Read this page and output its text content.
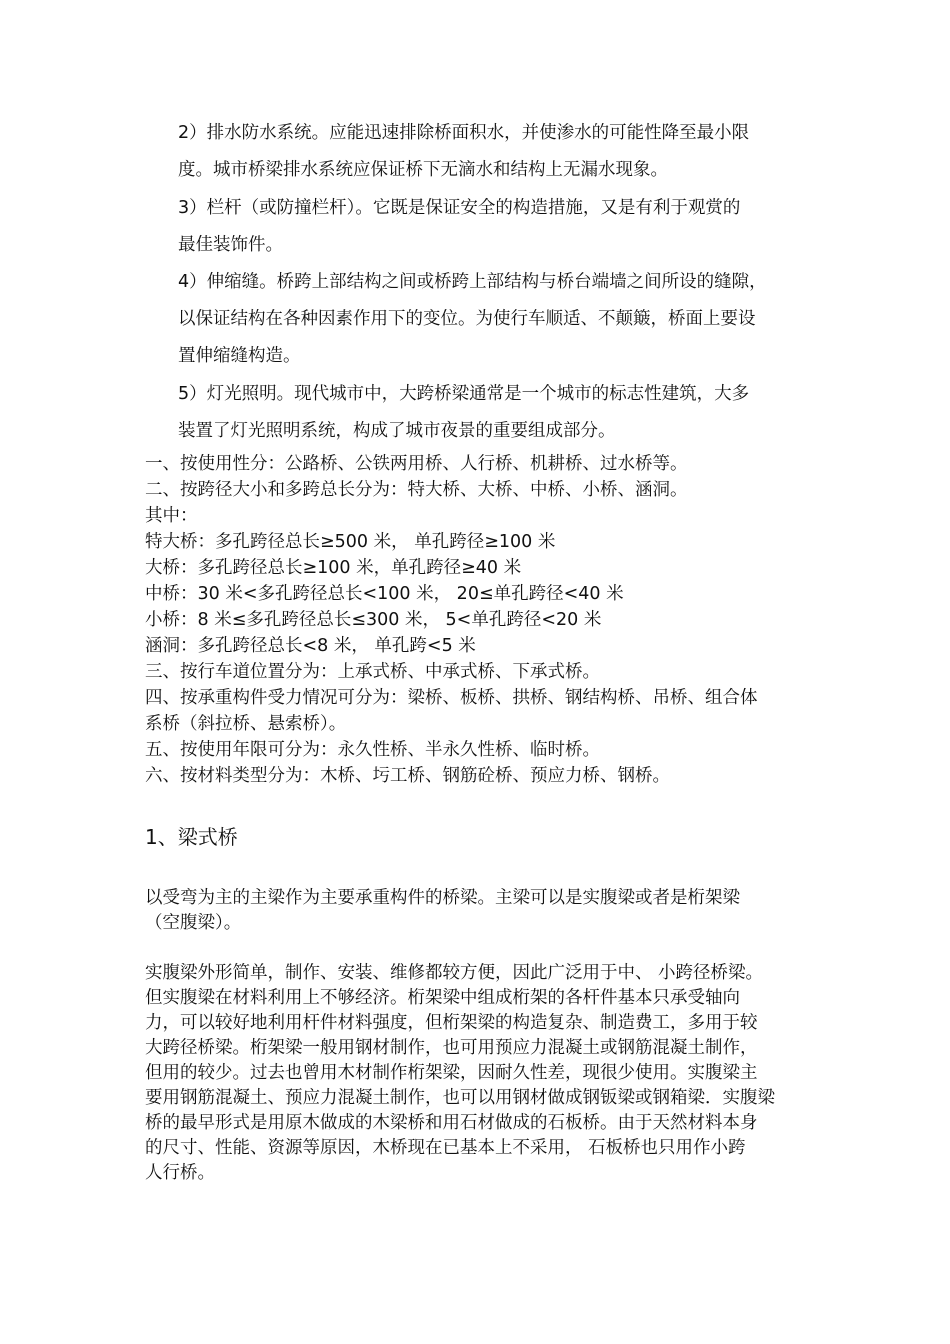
2）排水防水系统。应能迅速排除桥面积水，并使渗水的可能性降至最小限
度。城市桥梁排水系统应保证桥下无滴水和结构上无漏水现象。
3）栏杆（或防撞栏杆）。它既是保证安全的构造措施，又是有利于观赏的
最佳装饰件。
4）伸缩缝。桥跨上部结构之间或桥跨上部结构与桥台端墙之间所设的缝隙，
以保证结构在各种因素作用下的变位。为使行车顺适、不颠簸，桥面上要设
置伸缩缝构造。
5）灯光照明。现代城市中，大跨桥梁通常是一个城市的标志性建筑，大多
装置了灯光照明系统，构成了城市夜景的重要组成部分。
一、按使用性分：公路桥、公铁两用桥、人行桥、机耕桥、过水桥等。
二、按跨径大小和多跨总长分为：特大桥、大桥、中桥、小桥、涵洞。
其中：
特大桥：多孔跨径总长≥500 米， 单孔跨径≥100 米
大桥：多孔跨径总长≥100 米，单孔跨径≥40 米
中桥：30 米<多孔跨径总长<100 米， 20≤单孔跨径<40 米
小桥：8 米≤多孔跨径总长≤300 米， 5<单孔跨径<20 米
涵洞：多孔跨径总长<8 米， 单孔跨<5 米
三、按行车道位置分为：上承式桥、中承式桥、下承式桥。
四、按承重构件受力情况可分为：梁桥、板桥、拱桥、钢结构桥、吊桥、组合体
系桥（斜拉桥、悬索桥）。
五、按使用年限可分为：永久性桥、半永久性桥、临时桥。
六、按材料类型分为：木桥、圬工桥、钢筋砼桥、预应力桥、钢桥。
1、梁式桥
以受弯为主的主梁作为主要承重构件的桥梁。主梁可以是实腹梁或者是桁架梁
（空腹梁）。
实腹梁外形简单，制作、安装、维修都较方便，因此广泛用于中、 小跨径桥梁。
但实腹梁在材料利用上不够经济。桁架梁中组成桁架的各杆件基本只承受轴向
力，可以较好地利用杆件材料强度，但桁架梁的构造复杂、制造费工，多用于较
大跨径桥梁。桁架梁一般用钢材制作，也可用预应力混凝土或钢筋混凝土制作，
但用的较少。过去也曾用木材制作桁架梁，因耐久性差，现很少使用。实腹梁主
要用钢筋混凝土、预应力混凝土制作，也可以用钢材做成钢钣梁或钢箱梁．实腹梁
桥的最早形式是用原木做成的木梁桥和用石材做成的石板桥。由于天然材料本身
的尺寸、性能、资源等原因，木桥现在已基本上不采用， 石板桥也只用作小跨
人行桥。
